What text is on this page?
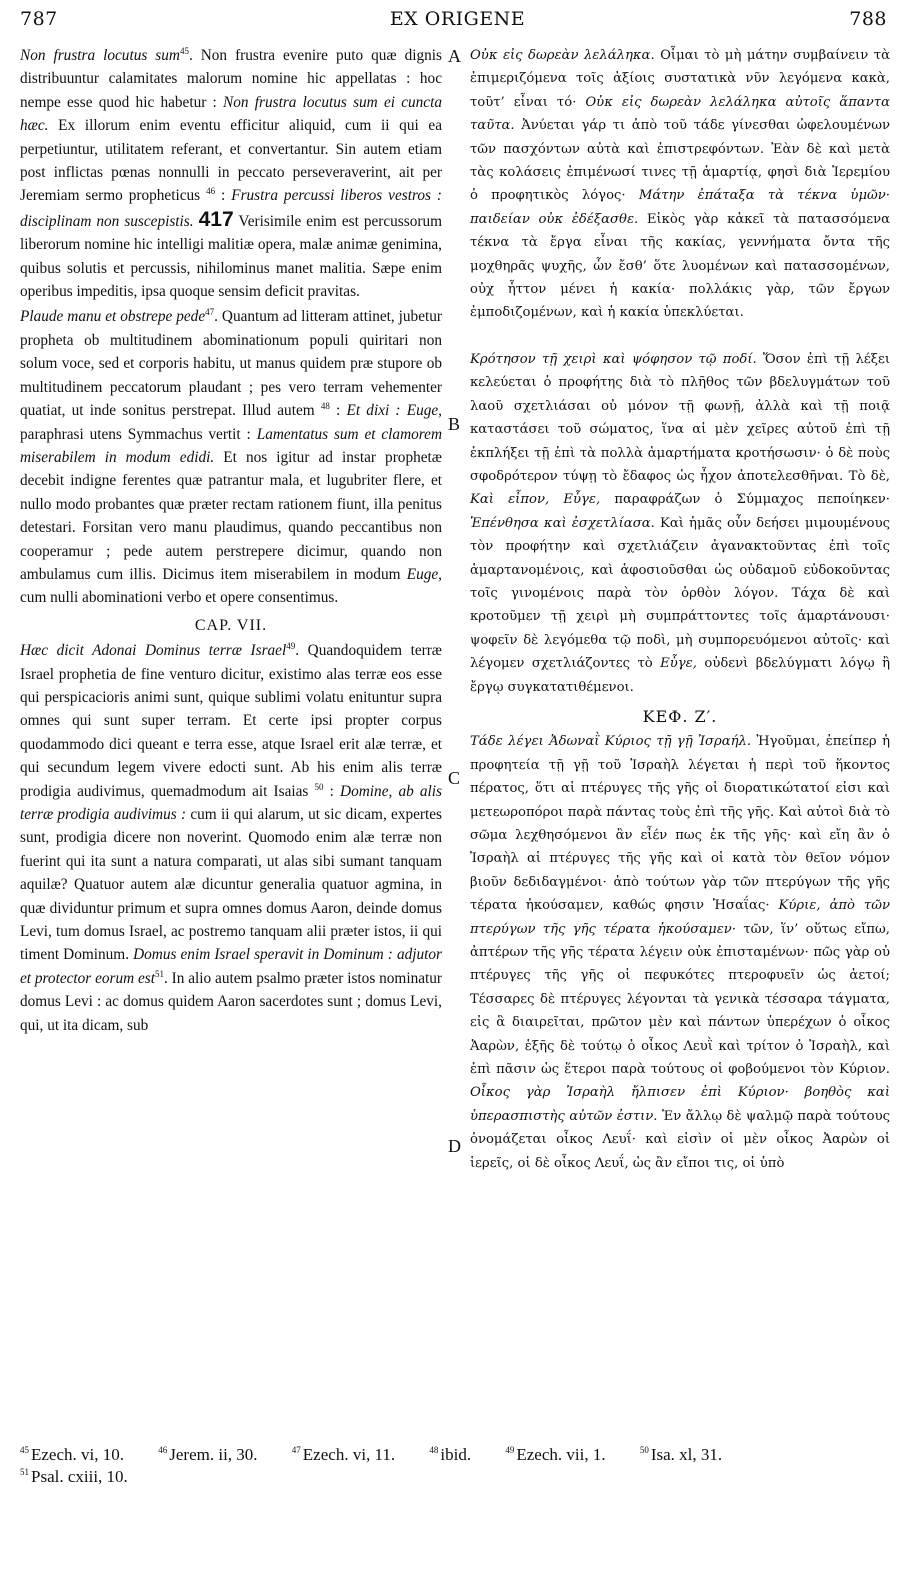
787	EX ORIGENE	788

Non frustra locutus sum$^{45}$. Non frustra evenire puto quæ dignis distribuuntur calamitates malorum nomine hic appellatas : hoc nempe esse quod hic habetur : Non frustra locutus sum ei cuncta hæc. Ex illorum enim eventu efficitur aliquid, cum ii qui ea perpetiuntur, utilitatem referant, et convertantur. Sin autem etiam post inflictas pœnas nonnulli in peccato perseveraverint, ait per Jeremiam sermo propheticus $^{46}$ : Frustra percussi liberos vestros : disciplinam non suscepistis. 417 Verisimile enim est percussorum liberorum nomine hic intelligi malitiæ opera, malæ animæ genimina, quibus solutis et percussis, nihilominus manet malitia. Sæpe enim operibus impeditis, ipsa quoque sensim deficit pravitas.

Plaude manu et obstrepe pede$^{47}$. Quantum ad litteram attinet, jubetur propheta ob multitudinem abominationum populi quiritari non solum voce, sed et corporis habitu, ut manus quidem præ stupore ob multitudinem peccatorum plaudant ; pes vero terram vehementer quatiat, ut inde sonitus perstrepat. Illud autem $^{48}$ : Et dixi : Euge, paraphrasi utens Symmachus vertit : Lamentatus sum et clamorem miserabilem in modum edidi. Et nos igitur ad instar prophetæ decebit indigne ferentes quæ patrantur mala, et lugubriter flere, et nullo modo probantes quæ præter rectam rationem fiunt, illa penitus detestari. Forsitan vero manu plaudimus, quando peccantibus non cooperamur ; pede autem perstrepere dicimur, quando non ambulamus cum illis. Dicimus item miserabilem in modum Euge, cum nulli abominationi verbo et opere consentimus.

CAP. VII.

Hæc dicit Adonai Dominus terræ Israel$^{49}$. Quandoquidem terræ Israel prophetia de fine venturo dicitur, existimo alas terræ eos esse qui perspicacioris animi sunt, quique sublimi volatu enituntur supra omnes qui sunt super terram. Et certe ipsi propter corpus quodammodo dici queant e terra esse, atque Israel erit alæ terræ, et qui secundum legem vivere edocti sunt. Ab his enim alis terræ prodigia audivimus, quemadmodum ait Isaias $^{50}$ : Domine, ab alis terræ prodigia audivimus : cum ii qui alarum, ut sic dicam, expertes sunt, prodigia dicere non noverint. Quomodo enim alæ terræ non fuerint qui ita sunt a natura comparati, ut alas sibi sumant tanquam aquilæ? Quatuor autem alæ dicuntur generalia quatuor agmina, in quæ dividuntur primum et supra omnes domus Aaron, deinde domus Levi, tum domus Israel, ac postremo tanquam alii præter istos, ii qui timent Dominum. Domus enim Israel speravit in Dominum : adjutor et protector eorum est$^{51}$. In alio autem psalmo præter istos nominatur domus Levi : ac domus quidem Aaron sacerdotes sunt ; domus Levi, qui, ut ita dicam, sub

A
B
C
D

Οὐκ εἰς δωρεὰν λελάληκα. Οἶμαι τὸ μὴ μάτην συμβαίνειν τὰ ἐπιμεριζόμενα τοῖς ἀξίοις συστατικὰ νῦν λεγόμενα κακὰ, τοῦτ’ εἶναι τό· Οὐκ εἰς δωρεὰν λελάληκα αὐτοῖς ἅπαντα ταῦτα. Ἀνύεται γάρ τι ἀπὸ τοῦ τάδε γίνεσθαι ὠφελουμένων τῶν πασχόντων αὐτὰ καὶ ἐπιστρεφόντων. Ἐὰν δὲ καὶ μετὰ τὰς κολάσεις ἐπιμένωσί τινες τῇ ἁμαρτίᾳ, φησὶ διὰ Ἱερεμίου ὁ προφητικὸς λόγος· Μάτην ἐπάταξα τὰ τέκνα ὑμῶν· παιδείαν οὐκ ἐδέξασθε. Εἰκὸς γὰρ κἀκεῖ τὰ πατασσόμενα τέκνα τὰ ἔργα εἶναι τῆς κακίας, γεννήματα ὄντα τῆς μοχθηρᾶς ψυχῆς, ὧν ἔσθ’ ὅτε λυομένων καὶ πατασσομένων, οὐχ ἧττον μένει ἡ κακία· πολλάκις γὰρ, τῶν ἔργων ἐμποδιζομένων, καὶ ἡ κακία ὑπεκλύεται.

Κρότησον τῇ χειρὶ καὶ ψόφησον τῷ ποδί. Ὅσον ἐπὶ τῇ λέξει κελεύεται ὁ προφήτης διὰ τὸ πλῆθος τῶν βδελυγμάτων τοῦ λαοῦ σχετλιάσαι οὐ μόνον τῇ φωνῇ, ἀλλὰ καὶ τῇ ποιᾷ καταστάσει τοῦ σώματος, ἵνα αἱ μὲν χεῖρες αὐτοῦ ἐπὶ τῇ ἐκπλήξει τῇ ἐπὶ τὰ πολλὰ ἁμαρτήματα κροτήσωσιν· ὁ δὲ ποὺς σφοδρότερον τύψῃ τὸ ἔδαφος ὡς ἦχον ἀποτελεσθῆναι. Τὸ δὲ, Καὶ εἶπον, Εὖγε, παραφράζων ὁ Σύμμαχος πεποίηκεν· Ἐπένθησα καὶ ἐσχετλίασα. Καὶ ἡμᾶς οὖν δεήσει μιμουμένους τὸν προφήτην καὶ σχετλιάζειν ἀγανακτοῦντας ἐπὶ τοῖς ἁμαρτανομένοις, καὶ ἀφοσιοῦσθαι ὡς οὐδαμοῦ εὐδοκοῦντας τοῖς γινομένοις παρὰ τὸν ὀρθὸν λόγον. Τάχα δὲ καὶ κροτοῦμεν τῇ χειρὶ μὴ συμπράττοντες τοῖς ἁμαρτάνουσι· ψοφεῖν δὲ λεγόμεθα τῷ ποδὶ, μὴ συμπορευόμενοι αὐτοῖς· καὶ λέγομεν σχετλιάζοντες τὸ Εὖγε, οὐδενὶ βδελύγματι λόγῳ ἢ ἔργῳ συγκατατιθέμενοι.

ΚΕΦ. Ζ′.

Τάδε λέγει Ἀδωναῒ Κύριος τῇ γῇ Ἰσραήλ. Ἡγοῦμαι, ἐπείπερ ἡ προφητεία τῇ γῇ τοῦ Ἰσραὴλ λέγεται ἡ περὶ τοῦ ἥκοντος πέρατος, ὅτι αἱ πτέρυγες τῆς γῆς οἱ διορατικώτατοί εἰσι καὶ μετεωροπόροι παρὰ πάντας τοὺς ἐπὶ τῆς γῆς. Καὶ αὐτοὶ διὰ τὸ σῶμα λεχθησόμενοι ἂν εἶέν πως ἐκ τῆς γῆς· καὶ εἴη ἂν ὁ Ἰσραὴλ αἱ πτέρυγες τῆς γῆς καὶ οἱ κατὰ τὸν θεῖον νόμον βιοῦν δεδιδαγμένοι· ἀπὸ τούτων γὰρ τῶν πτερύγων τῆς γῆς τέρατα ἠκούσαμεν, καθώς φησιν Ἡσαΐας· Κύριε, ἀπὸ τῶν πτερύγων τῆς γῆς τέρατα ἠκούσαμεν· τῶν, ἵν’ οὕτως εἴπω, ἀπτέρων τῆς γῆς τέρατα λέγειν οὐκ ἐπισταμένων· πῶς γὰρ οὐ πτέρυγες τῆς γῆς οἱ πεφυκότες πτεροφυεῖν ὡς ἀετοί; Τέσσαρες δὲ πτέρυγες λέγονται τὰ γενικὰ τέσσαρα τάγματα, εἰς ἃ διαιρεῖται, πρῶτον μὲν καὶ πάντων ὑπερέχων ὁ οἶκος Ἀαρὼν, ἑξῆς δὲ τούτῳ ὁ οἶκος Λευῒ καὶ τρίτον ὁ Ἰσραὴλ, καὶ ἐπὶ πᾶσιν ὡς ἕτεροι παρὰ τούτους οἱ φοβούμενοι τὸν Κύριον. Οἶκος γὰρ Ἰσραὴλ ἤλπισεν ἐπὶ Κύριον· βοηθὸς καὶ ὑπερασπιστὴς αὐτῶν ἐστιν. Ἐν ἄλλῳ δὲ ψαλμῷ παρὰ τούτους ὀνομάζεται οἶκος Λευΐ· καὶ εἰσὶν οἱ μὲν οἶκος Ἀαρὼν οἱ ἱερεῖς, οἱ δὲ οἶκος Λευΐ, ὡς ἂν εἴποι τις, οἱ ὑπὸ

$^{45}$ Ezech. vi, 10.	$^{46}$ Jerem. ii, 30.	$^{47}$ Ezech. vi, 11.	$^{48}$ ibid.	$^{49}$ Ezech. vii, 1.	$^{50}$ Isa. xl, 31.
$^{51}$ Psal. cxiii, 10.
